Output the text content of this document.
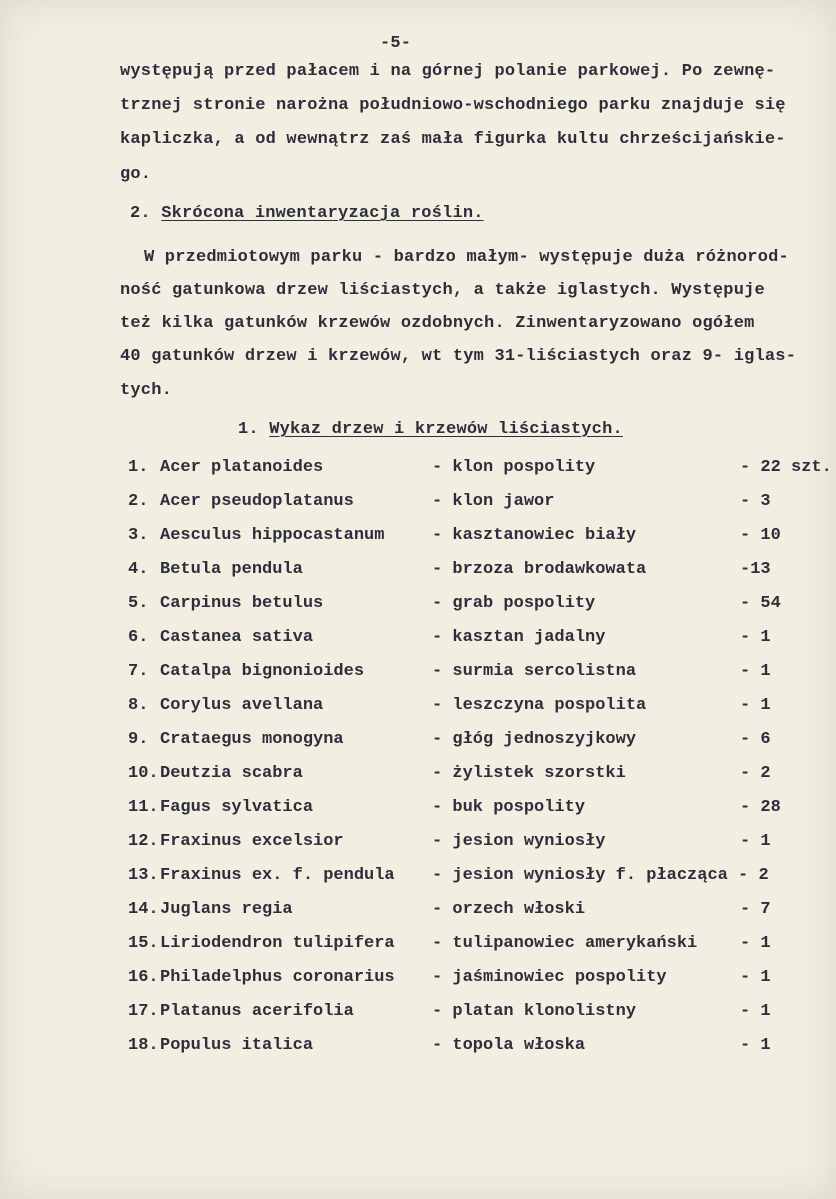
-5-
występują przed pałacem i na górnej polanie parkowej. Po zewnę-
trznej stronie narożna południowo-wschodniego parku znajduje się
kapliczka, a od wewnątrz zaś mała figurka kultu chrześcijańskie-
go.
2. Skrócona inwentaryzacja roślin.
W przedmiotowym parku - bardzo małym- występuje duża różnorod-
ność gatunkowa drzew liściastych, a także iglastych. Występuje
też kilka gatunków krzewów ozdobnych. Zinwentaryzowano ogółem
40 gatunków drzew i krzewów, wt tym 31-liściastych oraz 9- iglas-
tych.
1. Wykaz drzew i krzewów liściastych.
1. Acer platanoides	- klon pospolity	- 22 szt.
2. Acer pseudoplatanus	- klon jawor	- 3
3. Aesculus hippocastanum	- kasztanowiec biały	- 10
4. Betula pendula	- brzoza brodawkowata	-13
5. Carpinus betulus	- grab pospolity	- 54
6. Castanea sativa	- kasztan jadalny	- 1
7. Catalpa bignonioides	- surmia sercolistna	- 1
8. Corylus avellana	- leszczyna pospolita	- 1
9. Crataegus monogyna	- głóg jednoszyjkowy	- 6
10. Deutzia scabra	- żylistek szorstki	- 2
11. Fagus sylvatica	- buk pospolity	- 28
12. Fraxinus excelsior	- jesion wyniosły	- 1
13. Fraxinus ex. f. pendula - jesion wyniosły f. płacząca - 2
14. Juglans regia	- orzech włoski	- 7
15. Liriodendron tulipifera - tulipanowiec amerykański	- 1
16. Philadelphus coronarius - jaśminowiec pospolity	- 1
17. Platanus acerifolia	- platan klonolistny	- 1
18. Populus italica	- topola włoska	- 1
